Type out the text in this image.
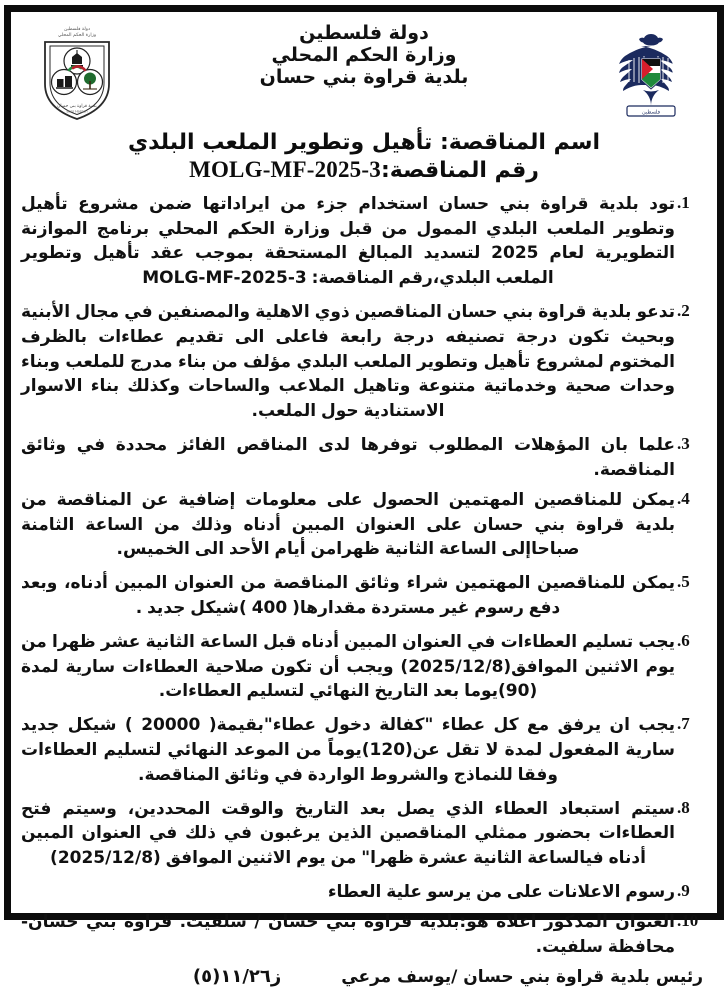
دولة فلسطين
وزارة الحكم المحلي
بلدية قراوة بني حسان
Bani Hassan
دولة فلسطين
وزارة الحكم المحلي
بلدية قراوة بني حسان
فلسطين
اسم المناقصة: تأهيل وتطوير الملعب البلدي
رقم المناقصة:MOLG-MF-2025-3
1.
تود بلدية قراوة بني حسان استخدام جزء من ايراداتها ضمن مشروع تأهيل وتطوير الملعب البلدي الممول من قبل وزارة الحكم المحلي برنامج الموازنة التطويرية لعام 2025 لتسديد المبالغ المستحقة بموجب عقد تأهيل وتطوير الملعب البلدي،رقم المناقصة: MOLG-MF-2025-3
2.
تدعو بلدية قراوة بني حسان المناقصين ذوي الاهلية والمصنفين في مجال الأبنية وبحيث تكون درجة تصنيفه درجة رابعة فاعلى الى تقديم عطاءات بالظرف المختوم لمشروع تأهيل وتطوير الملعب البلدي مؤلف من بناء مدرج للملعب وبناء وحدات صحية وخدماتية متنوعة وتاهيل الملاعب والساحات وكذلك بناء الاسوار الاستنادية حول الملعب.
3.
علما بان المؤهلات المطلوب توفرها لدى المناقص الفائز محددة في وثائق المناقصة.
4.
يمكن للمناقصين المهتمين الحصول على معلومات إضافية عن المناقصة من بلدية قراوة بني حسان على العنوان المبين أدناه وذلك من الساعة الثامنة صباحاإلى الساعة الثانية ظهرامن أيام الأحد الى الخميس.
5.
يمكن للمناقصين المهتمين شراء وثائق المناقصة من العنوان المبين أدناه، وبعد دفع رسوم غير مستردة مقدارها( 400 )شيكل جديد .
6.
يجب تسليم العطاءات في العنوان المبين أدناه قبل الساعة الثانية عشر ظهرا من يوم الاثنين الموافق(2025/12/8) ويجب أن تكون صلاحية العطاءات سارية لمدة (90)يوما بعد التاريخ النهائي لتسليم العطاءات.
7.
يجب ان يرفق مع كل عطاء "كفالة دخول عطاء"بقيمة( 20000 ) شيكل جديد سارية المفعول لمدة لا تقل عن(120)يوماً من الموعد النهائي لتسليم العطاءات وفقا للنماذج والشروط الواردة في وثائق المناقصة.
8.
سيتم استبعاد العطاء الذي يصل بعد التاريخ والوقت المحددين، وسيتم فتح العطاءات بحضور ممثلي المناقصين الذين يرغبون في ذلك في العنوان المبين أدناه فيالساعة الثانية عشرة ظهرا" من يوم الاثنين الموافق (2025/12/8)
9.
رسوم الاعلانات على من يرسو علية العطاء
10.
العنوان المذكور اعلاه هو:بلدية قراوة بني حسان / سلفيت. قراوة بني حسان- محافظة سلفيت.
رئيس بلدية قراوة بني حسان /يوسف مرعي
ز١١/٢٦(٥)
